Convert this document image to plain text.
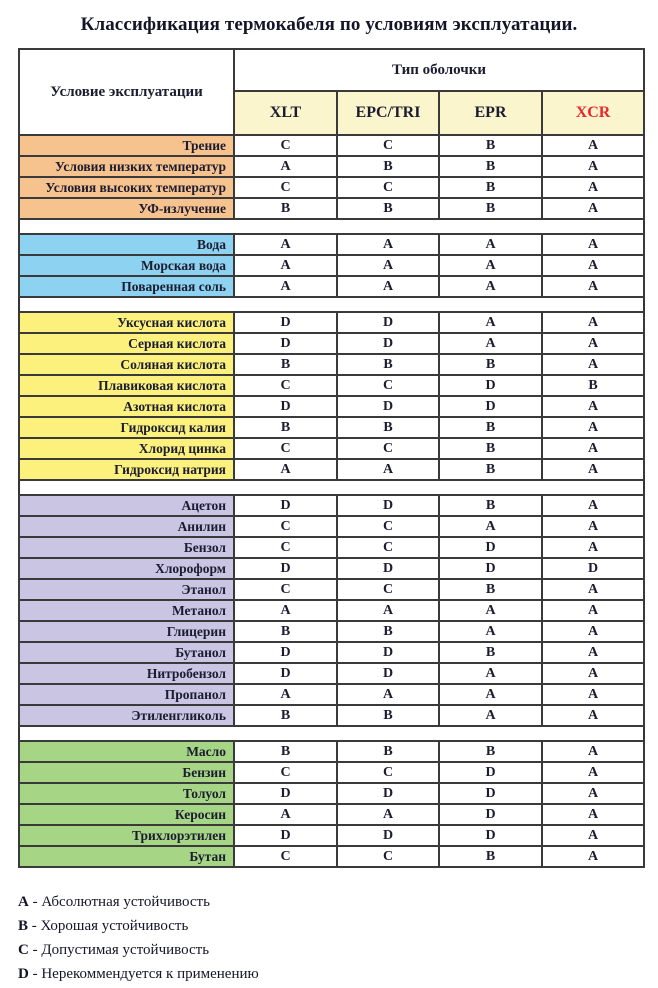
Классификация термокабеля по условиям эксплуатации.
Условие эксплуатации	Тип оболочки			
	XLT	EPC/TRI	EPR	XCR
Трение	C	C	B	A
Условия низких температур	A	B	B	A
Условия высоких температур	C	C	B	A
УФ-излучение	B	B	B	A

Вода	A	A	A	A
Морская вода	A	A	A	A
Поваренная соль	A	A	A	A

Уксусная кислота	D	D	A	A
Серная кислота	D	D	A	A
Соляная кислота	B	B	B	A
Плавиковая кислота	C	C	D	B
Азотная кислота	D	D	D	A
Гидроксид калия	B	B	B	A
Хлорид цинка	C	C	B	A
Гидроксид натрия	A	A	B	A

Ацетон	D	D	B	A
Анилин	C	C	A	A
Бензол	C	C	D	A
Хлороформ	D	D	D	D
Этанол	C	C	B	A
Метанол	A	A	A	A
Глицерин	B	B	A	A
Бутанол	D	D	B	A
Нитробензол	D	D	A	A
Пропанол	A	A	A	A
Этиленгликоль	B	B	A	A

Масло	B	B	B	A
Бензин	C	C	D	A
Толуол	D	D	D	A
Керосин	A	A	D	A
Трихлорэтилен	D	D	D	A
Бутан	C	C	B	A
A - Абсолютная устойчивость
B - Хорошая устойчивость
C - Допустимая устойчивость
D - Нерекоммендуется к применению
